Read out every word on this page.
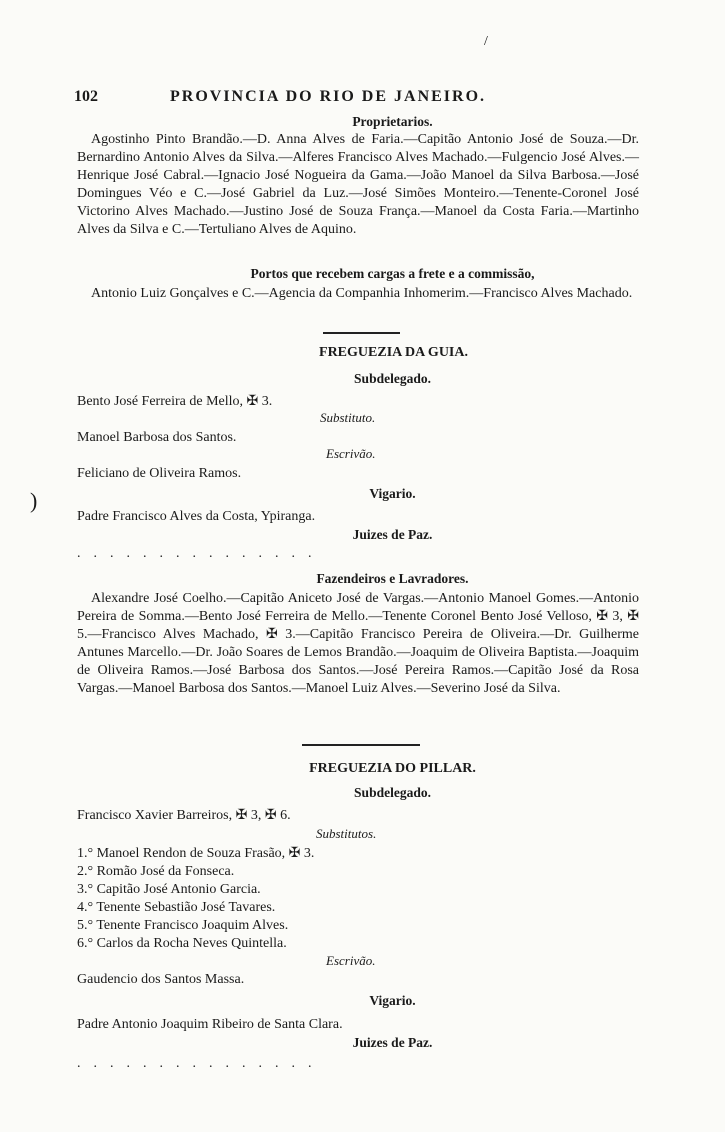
/
102	PROVINCIA DO RIO DE JANEIRO.
Proprietarios.
Agostinho Pinto Brandão.—D. Anna Alves de Faria.—Capitão Antonio José de Souza.—Dr. Bernardino Antonio Alves da Silva.—Alferes Francisco Alves Machado.—Fulgencio José Alves.—Henrique José Cabral.—Ignacio José Nogueira da Gama.—João Manoel da Silva Barbosa.—José Domingues Véo e C.—José Gabriel da Luz.—José Simões Monteiro.—Tenente-Coronel José Victorino Alves Machado.—Justino José de Souza França.—Manoel da Costa Faria.—Martinho Alves da Silva e C.—Tertuliano Alves de Aquino.
Portos que recebem cargas a frete e a commissão,
Antonio Luiz Gonçalves e C.—Agencia da Companhia Inhomerim.—Francisco Alves Machado.
FREGUEZIA DA GUIA.
Subdelegado.
Bento José Ferreira de Mello, ✠ 3.
Substituto.
Manoel Barbosa dos Santos.
Escrivão.
Feliciano de Oliveira Ramos.
Vigario.
Padre Francisco Alves da Costa, Ypiranga.
Juizes de Paz.
...............
Fazendeiros e Lavradores.
Alexandre José Coelho.—Capitão Aniceto José de Vargas.—Antonio Manoel Gomes.—Antonio Pereira de Somma.—Bento José Ferreira de Mello.—Tenente Coronel Bento José Velloso, ✠ 3, ✠ 5.—Francisco Alves Machado, ✠ 3.—Capitão Francisco Pereira de Oliveira.—Dr. Guilherme Antunes Marcello.—Dr. João Soares de Lemos Brandão.—Joaquim de Oliveira Baptista.—Joaquim de Oliveira Ramos.—José Barbosa dos Santos.—José Pereira Ramos.—Capitão José da Rosa Vargas.—Manoel Barbosa dos Santos.—Manoel Luiz Alves.—Severino José da Silva.
FREGUEZIA DO PILLAR.
Subdelegado.
Francisco Xavier Barreiros, ✠ 3, ✠ 6.
Substitutos.
1.° Manoel Rendon de Souza Frasão, ✠ 3.
2.° Romão José da Fonseca.
3.° Capitão José Antonio Garcia.
4.° Tenente Sebastião José Tavares.
5.° Tenente Francisco Joaquim Alves.
6.° Carlos da Rocha Neves Quintella.
Escrivão.
Gaudencio dos Santos Massa.
Vigario.
Padre Antonio Joaquim Ribeiro de Santa Clara.
Juizes de Paz.
...............
)
